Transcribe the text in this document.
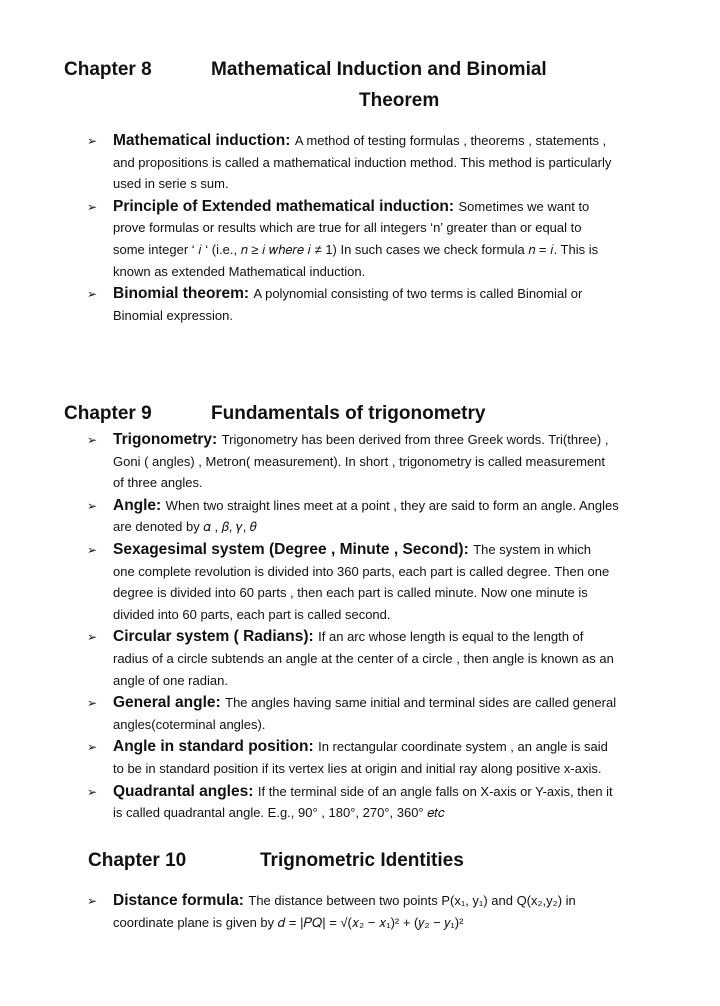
Chapter 8	Mathematical Induction and Binomial
Theorem
➢ Mathematical induction: A method of testing formulas , theorems , statements ,
and propositions is called a mathematical induction method. This method is particularly
used in serie s sum.
➢ Principle of Extended mathematical induction: Sometimes we want to
prove formulas or results which are true for all integers ‘n’ greater than or equal to
some integer ‘ 𝑖 ‘ (i.e., 𝑛 ≥ 𝑖 𝑤ℎ𝑒𝑟𝑒 𝑖 ≠ 1) In such cases we check formula 𝑛 = 𝑖. This is
known as extended Mathematical induction.
➢ Binomial theorem: A polynomial consisting of two terms is called Binomial or
Binomial expression.
Chapter 9	Fundamentals of trigonometry
➢ Trigonometry: Trigonometry has been derived from three Greek words. Tri(three) ,
Goni ( angles) , Metron( measurement). In short , trigonometry is called measurement
of three angles.
➢ Angle: When two straight lines meet at a point , they are said to form an angle. Angles
are denoted by 𝛼 , 𝛽, 𝛾, 𝜃
➢ Sexagesimal system (Degree , Minute , Second): The system in which
one complete revolution is divided into 360 parts, each part is called degree. Then one
degree is divided into 60 parts , then each part is called minute. Now one minute is
divided into 60 parts, each part is called second.
➢ Circular system ( Radians): If an arc whose length is equal to the length of
radius of a circle subtends an angle at the center of a circle , then angle is known as an
angle of one radian.
➢ General angle: The angles having same initial and terminal sides are called general
angles(coterminal angles).
➢ Angle in standard position: In rectangular coordinate system , an angle is said
to be in standard position if its vertex lies at origin and initial ray along positive x-axis.
➢ Quadrantal angles: If the terminal side of an angle falls on X-axis or Y-axis, then it
is called quadrantal angle. E.g., 90° , 180°, 270°, 360° 𝑒𝑡𝑐
Chapter 10	Trignometric Identities
➢ Distance formula: The distance between two points P(x₁, y₁) and Q(x₂,y₂) in
coordinate plane is given by 𝑑 = |𝑃𝑄| = √(𝑥₂ − 𝑥₁)² + (𝑦₂ − 𝑦₁)²
